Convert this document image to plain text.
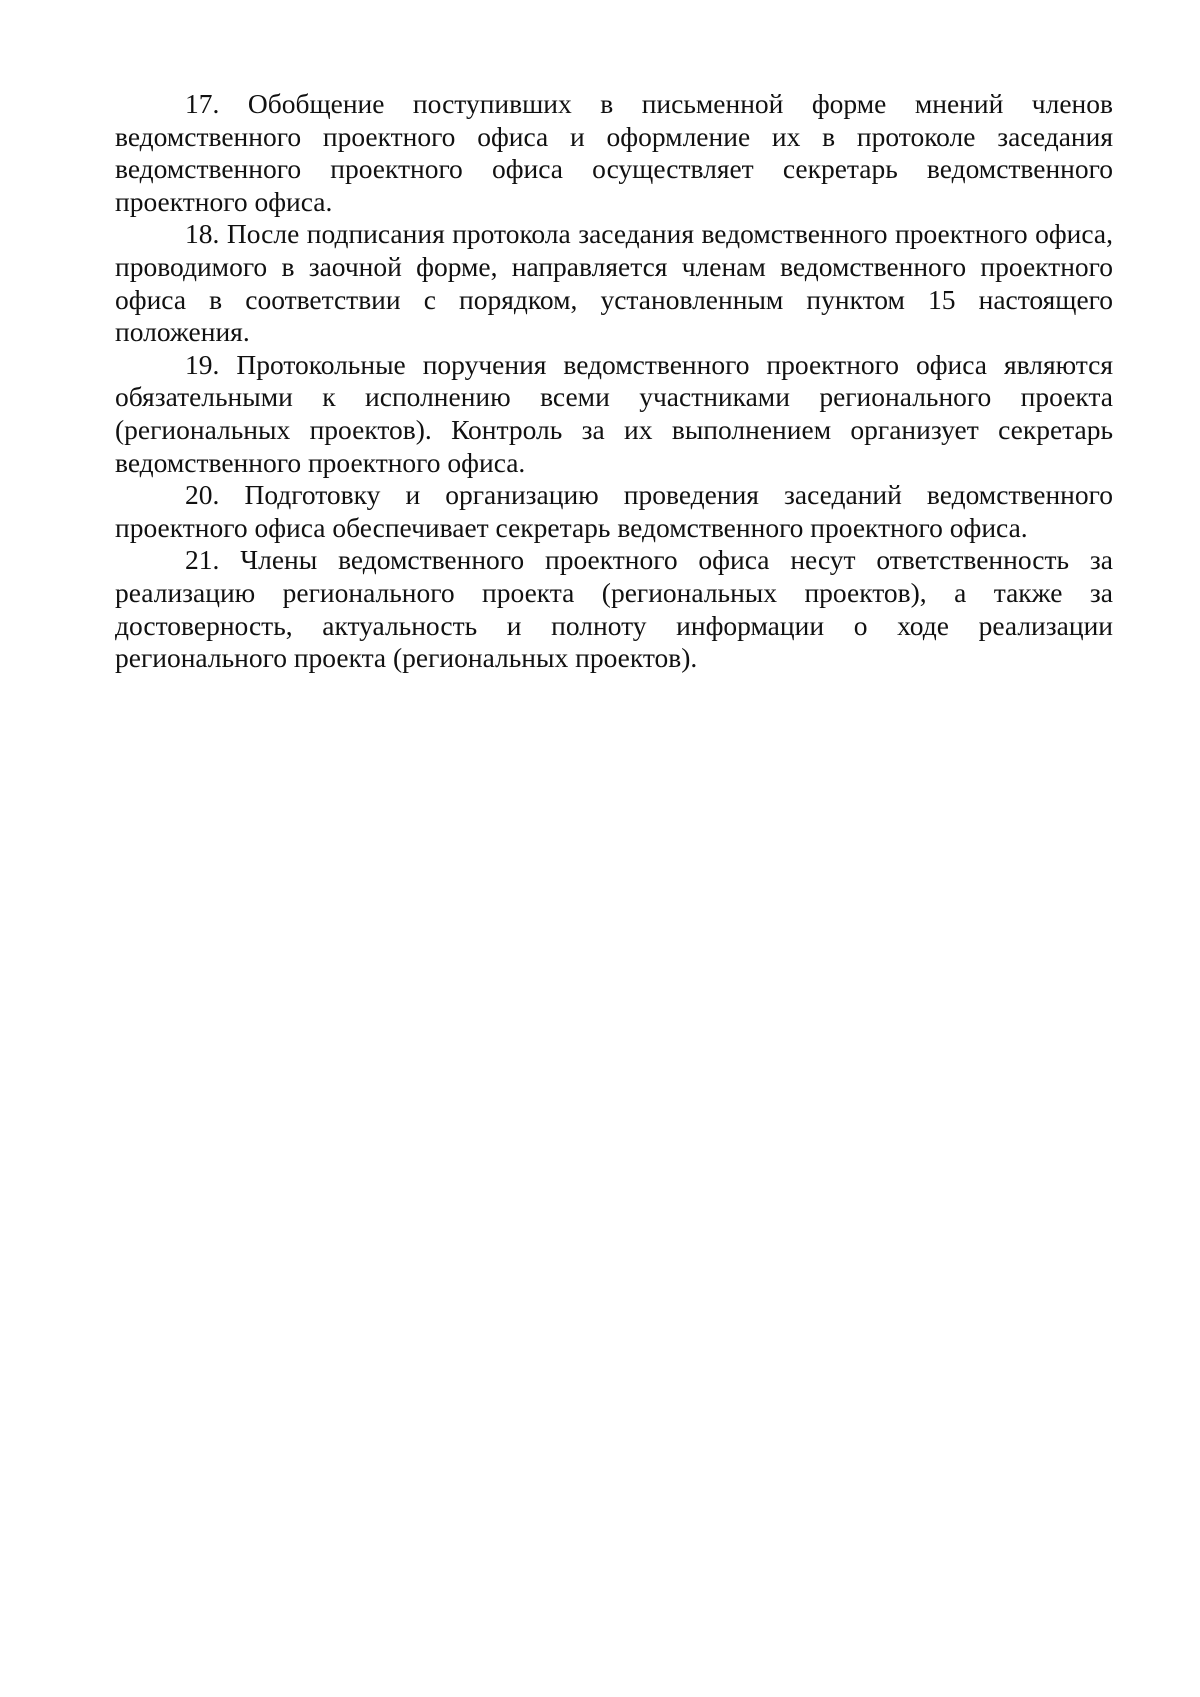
17. Обобщение поступивших в письменной форме мнений членов ведомственного проектного офиса и оформление их в протоколе заседания ведомственного проектного офиса осуществляет секретарь ведомственного проектного офиса.

18. После подписания протокола заседания ведомственного проектного офиса, проводимого в заочной форме, направляется членам ведомственного проектного офиса в соответствии с порядком, установленным пунктом 15 настоящего положения.

19. Протокольные поручения ведомственного проектного офиса являются обязательными к исполнению всеми участниками регионального проекта (региональных проектов). Контроль за их выполнением организует секретарь ведомственного проектного офиса.

20. Подготовку и организацию проведения заседаний ведомственного проектного офиса обеспечивает секретарь ведомственного проектного офиса.

21. Члены ведомственного проектного офиса несут ответственность за реализацию регионального проекта (региональных проектов), а также за достоверность, актуальность и полноту информации о ходе реализации регионального проекта (региональных проектов).
